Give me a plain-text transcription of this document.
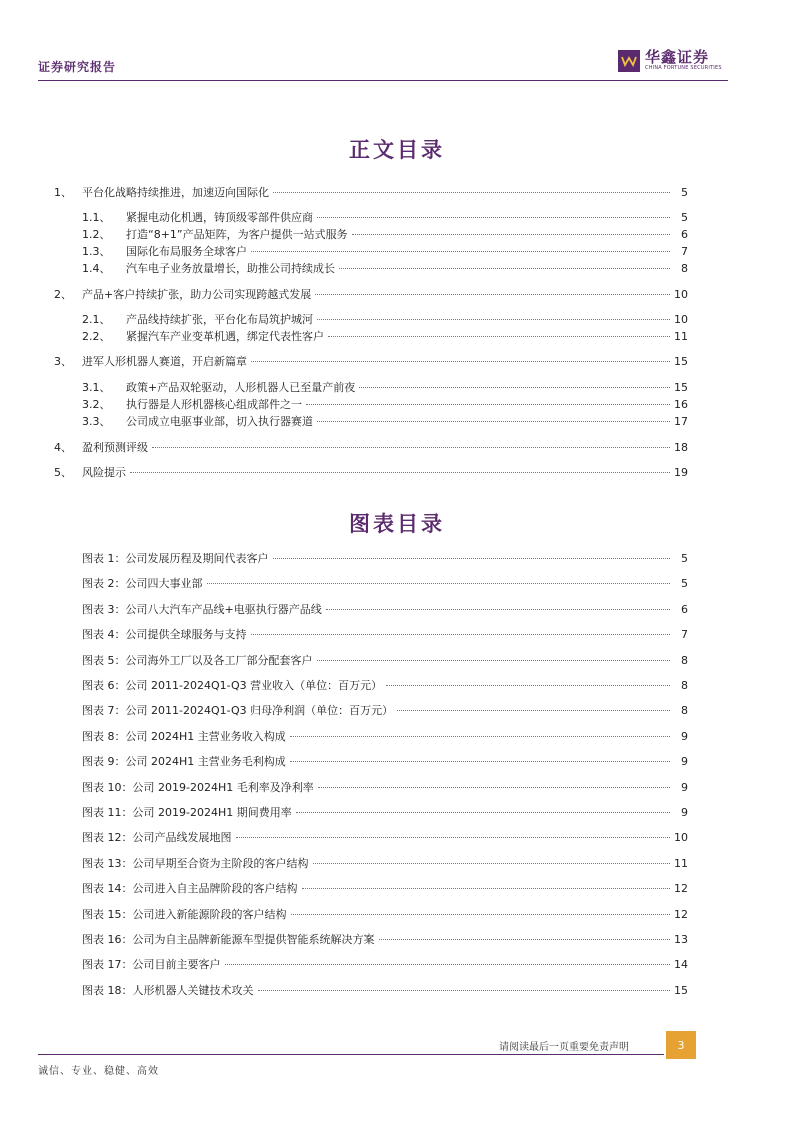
证券研究报告
华鑫证券
CHINA FORTUNE SECURITIES
正文目录
1、 平台化战略持续推进，加速迈向国际化	5
1.1、	紧握电动化机遇，铸顶级零部件供应商	5
1.2、	打造“8+1”产品矩阵，为客户提供一站式服务	6
1.3、	国际化布局服务全球客户	7
1.4、	汽车电子业务放量增长，助推公司持续成长	8
2、 产品+客户持续扩张，助力公司实现跨越式发展	10
2.1、	产品线持续扩张，平台化布局筑护城河	10
2.2、	紧握汽车产业变革机遇，绑定代表性客户	11
3、 进军人形机器人赛道，开启新篇章	15
3.1、	政策+产品双轮驱动，人形机器人已至量产前夜	15
3.2、	执行器是人形机器核心组成部件之一	16
3.3、	公司成立电驱事业部，切入执行器赛道	17
4、 盈利预测评级	18
5、 风险提示	19
图表目录
图表 1：公司发展历程及期间代表客户	5
图表 2：公司四大事业部	5
图表 3：公司八大汽车产品线+电驱执行器产品线	6
图表 4：公司提供全球服务与支持	7
图表 5：公司海外工厂以及各工厂部分配套客户	8
图表 6：公司 2011-2024Q1-Q3 营业收入（单位：百万元）	8
图表 7：公司 2011-2024Q1-Q3 归母净利润（单位：百万元）	8
图表 8：公司 2024H1 主营业务收入构成	9
图表 9：公司 2024H1 主营业务毛利构成	9
图表 10：公司 2019-2024H1 毛利率及净利率	9
图表 11：公司 2019-2024H1 期间费用率	9
图表 12：公司产品线发展地图	10
图表 13：公司早期至合资为主阶段的客户结构	11
图表 14：公司进入自主品牌阶段的客户结构	12
图表 15：公司进入新能源阶段的客户结构	12
图表 16：公司为自主品牌新能源车型提供智能系统解决方案	13
图表 17：公司目前主要客户	14
图表 18：人形机器人关键技术攻关	15
请阅读最后一页重要免责声明	3
诚信、专业、稳健、高效
